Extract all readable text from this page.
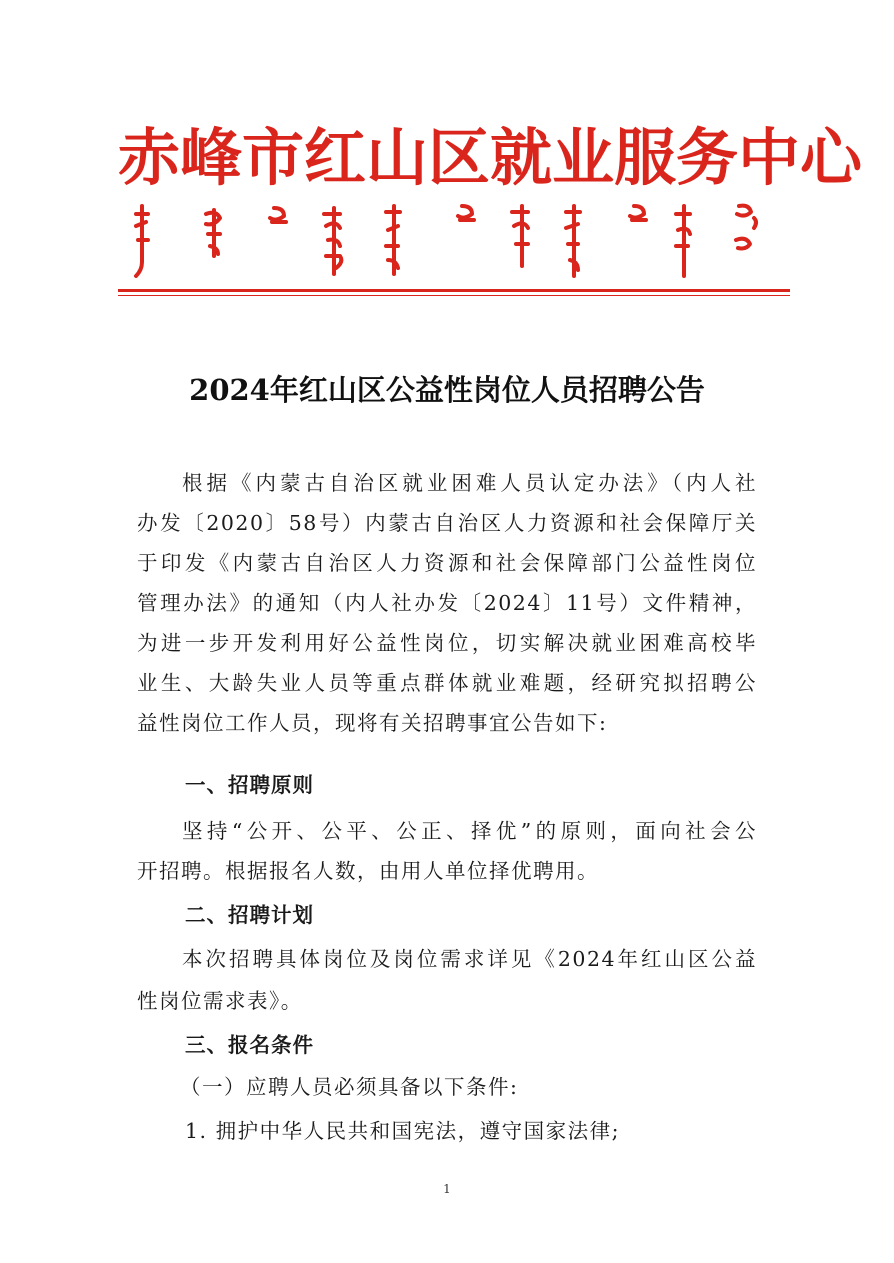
赤峰市红山区就业服务中心
2024年红山区公益性岗位人员招聘公告
根据《内蒙古自治区就业困难人员认定办法》（内人社
办发〔2020〕58号）内蒙古自治区人力资源和社会保障厅关
于印发《内蒙古自治区人力资源和社会保障部门公益性岗位
管理办法》的通知（内人社办发〔2024〕11号）文件精神，
为进一步开发利用好公益性岗位，切实解决就业困难高校毕
业生、大龄失业人员等重点群体就业难题，经研究拟招聘公
益性岗位工作人员，现将有关招聘事宜公告如下:
一、招聘原则
坚持“公开、公平、公正、择优”的原则，面向社会公
开招聘。根据报名人数，由用人单位择优聘用。
二、招聘计划
本次招聘具体岗位及岗位需求详见《2024年红山区公益
性岗位需求表》。
三、报名条件
（一）应聘人员必须具备以下条件:
1. 拥护中华人民共和国宪法，遵守国家法律;
1
